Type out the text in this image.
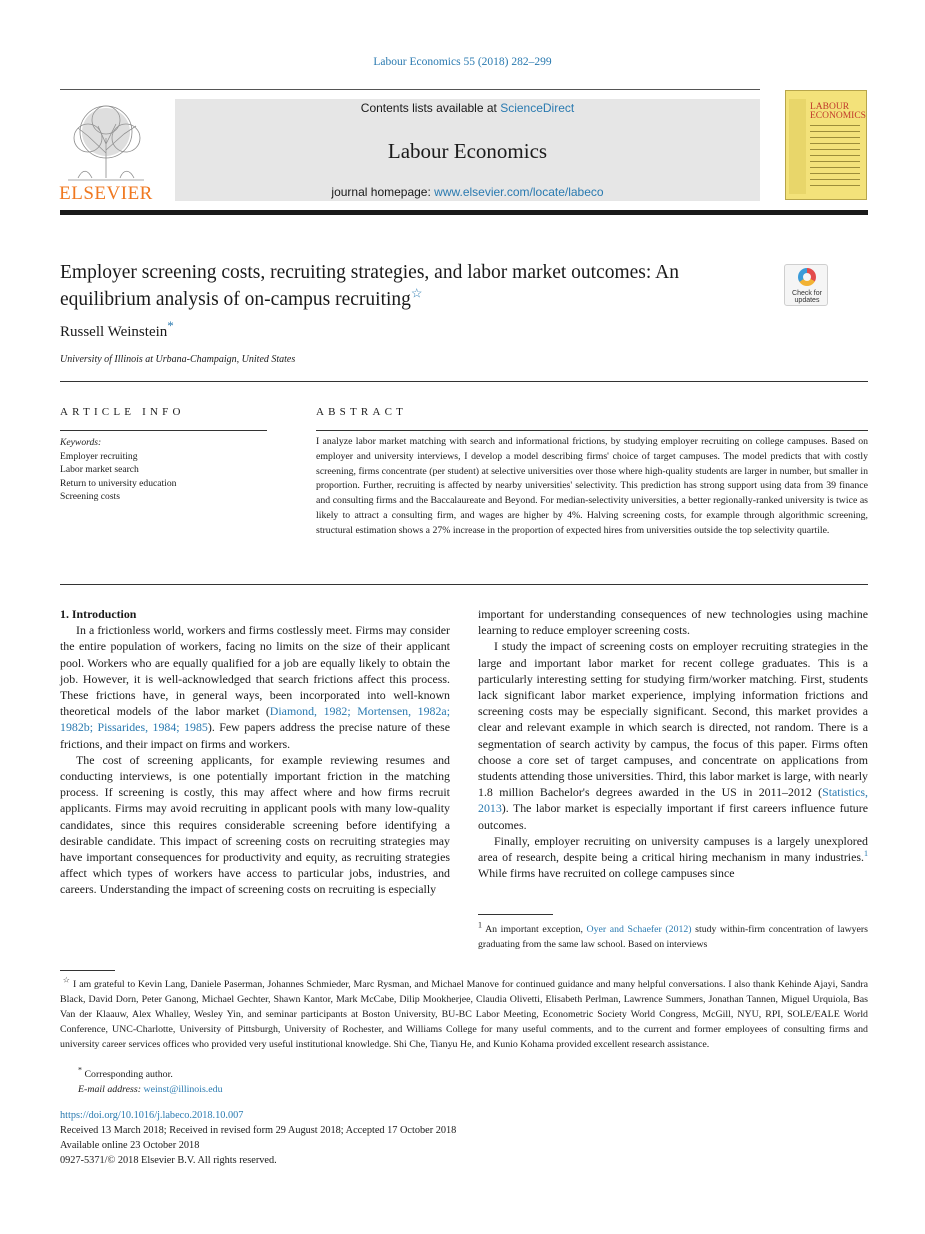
Labour Economics 55 (2018) 282–299
Contents lists available at ScienceDirect
Labour Economics
journal homepage: www.elsevier.com/locate/labeco
ELSEVIER
LABOUR ECONOMICS
Employer screening costs, recruiting strategies, and labor market outcomes: An equilibrium analysis of on-campus recruiting☆	Check for updates
Russell Weinstein*
University of Illinois at Urbana-Champaign, United States
ARTICLE INFO
Keywords:
Employer recruiting
Labor market search
Return to university education
Screening costs
ABSTRACT
I analyze labor market matching with search and informational frictions, by studying employer recruiting on college campuses. Based on employer and university interviews, I develop a model describing firms' choice of target campuses. The model predicts that with costly screening, firms concentrate (per student) at selective universities over those where high-quality students are larger in number, but smaller in proportion. Further, recruiting is affected by nearby universities' selectivity. This prediction has strong support using data from 39 finance and consulting firms and the Baccalaureate and Beyond. For median-selectivity universities, a better regionally-ranked university is twice as likely to attract a consulting firm, and wages are higher by 4%. Halving screening costs, for example through algorithmic screening, structural estimation shows a 27% increase in the proportion of expected hires from universities outside the top selectivity quartile.

1. Introduction

In a frictionless world, workers and firms costlessly meet. Firms may consider the entire population of workers, facing no limits on the size of their applicant pool. Workers who are equally qualified for a job are equally likely to obtain the job. However, it is well-acknowledged that search frictions affect this process. These frictions have, in general ways, been incorporated into well-known theoretical models of the labor market (Diamond, 1982; Mortensen, 1982a; 1982b; Pissarides, 1984; 1985). Few papers address the precise nature of these frictions, and their impact on firms and workers.

The cost of screening applicants, for example reviewing resumes and conducting interviews, is one potentially important friction in the matching process. If screening is costly, this may affect where and how firms recruit applicants. Firms may avoid recruiting in applicant pools with many low-quality candidates, since this requires considerable screening before identifying a desirable candidate. This impact of screening costs on recruiting strategies may have important consequences for productivity and equity, as recruiting strategies affect which types of workers have access to particular jobs, industries, and careers. Understanding the impact of screening costs on recruiting is especially

important for understanding consequences of new technologies using machine learning to reduce employer screening costs.

I study the impact of screening costs on employer recruiting strategies in the large and important labor market for recent college graduates. This is a particularly interesting setting for studying firm/worker matching. First, students lack significant labor market experience, implying information frictions and screening costs may be especially significant. Second, this market provides a clear and relevant example in which search is directed, not random. There is a segmentation of search activity by campus, the focus of this paper. Firms often choose a core set of target campuses, and concentrate on applications from students attending those universities. Third, this labor market is large, with nearly 1.8 million Bachelor's degrees awarded in the US in 2011–2012 (Statistics, 2013). The labor market is especially important if first careers influence future outcomes.

Finally, employer recruiting on university campuses is a largely unexplored area of research, despite being a critical hiring mechanism in many industries.$^1$ While firms have recruited on college campuses since

$^1$ An important exception, Oyer and Schaefer (2012) study within-firm concentration of lawyers graduating from the same law school. Based on interviews
☆ I am grateful to Kevin Lang, Daniele Paserman, Johannes Schmieder, Marc Rysman, and Michael Manove for continued guidance and many helpful conversations. I also thank Kehinde Ajayi, Sandra Black, David Dorn, Peter Ganong, Michael Gechter, Shawn Kantor, Mark McCabe, Dilip Mookherjee, Claudia Olivetti, Elisabeth Perlman, Lawrence Summers, Jonathan Tannen, Miguel Urquiola, Bas Van der Klaauw, Alex Whalley, Wesley Yin, and seminar participants at Boston University, BU-BC Labor Meeting, Econometric Society World Congress, McGill, NYU, RPI, SOLE/EALE World Conference, UNC-Charlotte, University of Pittsburgh, University of Rochester, and Williams College for many useful comments, and to the current and former employees of consulting firms and university career services offices who provided very useful institutional knowledge. Shi Che, Tianyu He, and Kunio Kohama provided excellent research assistance.
* Corresponding author.
E-mail address: weinst@illinois.edu
https://doi.org/10.1016/j.labeco.2018.10.007
Received 13 March 2018; Received in revised form 29 August 2018; Accepted 17 October 2018
Available online 23 October 2018
0927-5371/© 2018 Elsevier B.V. All rights reserved.
